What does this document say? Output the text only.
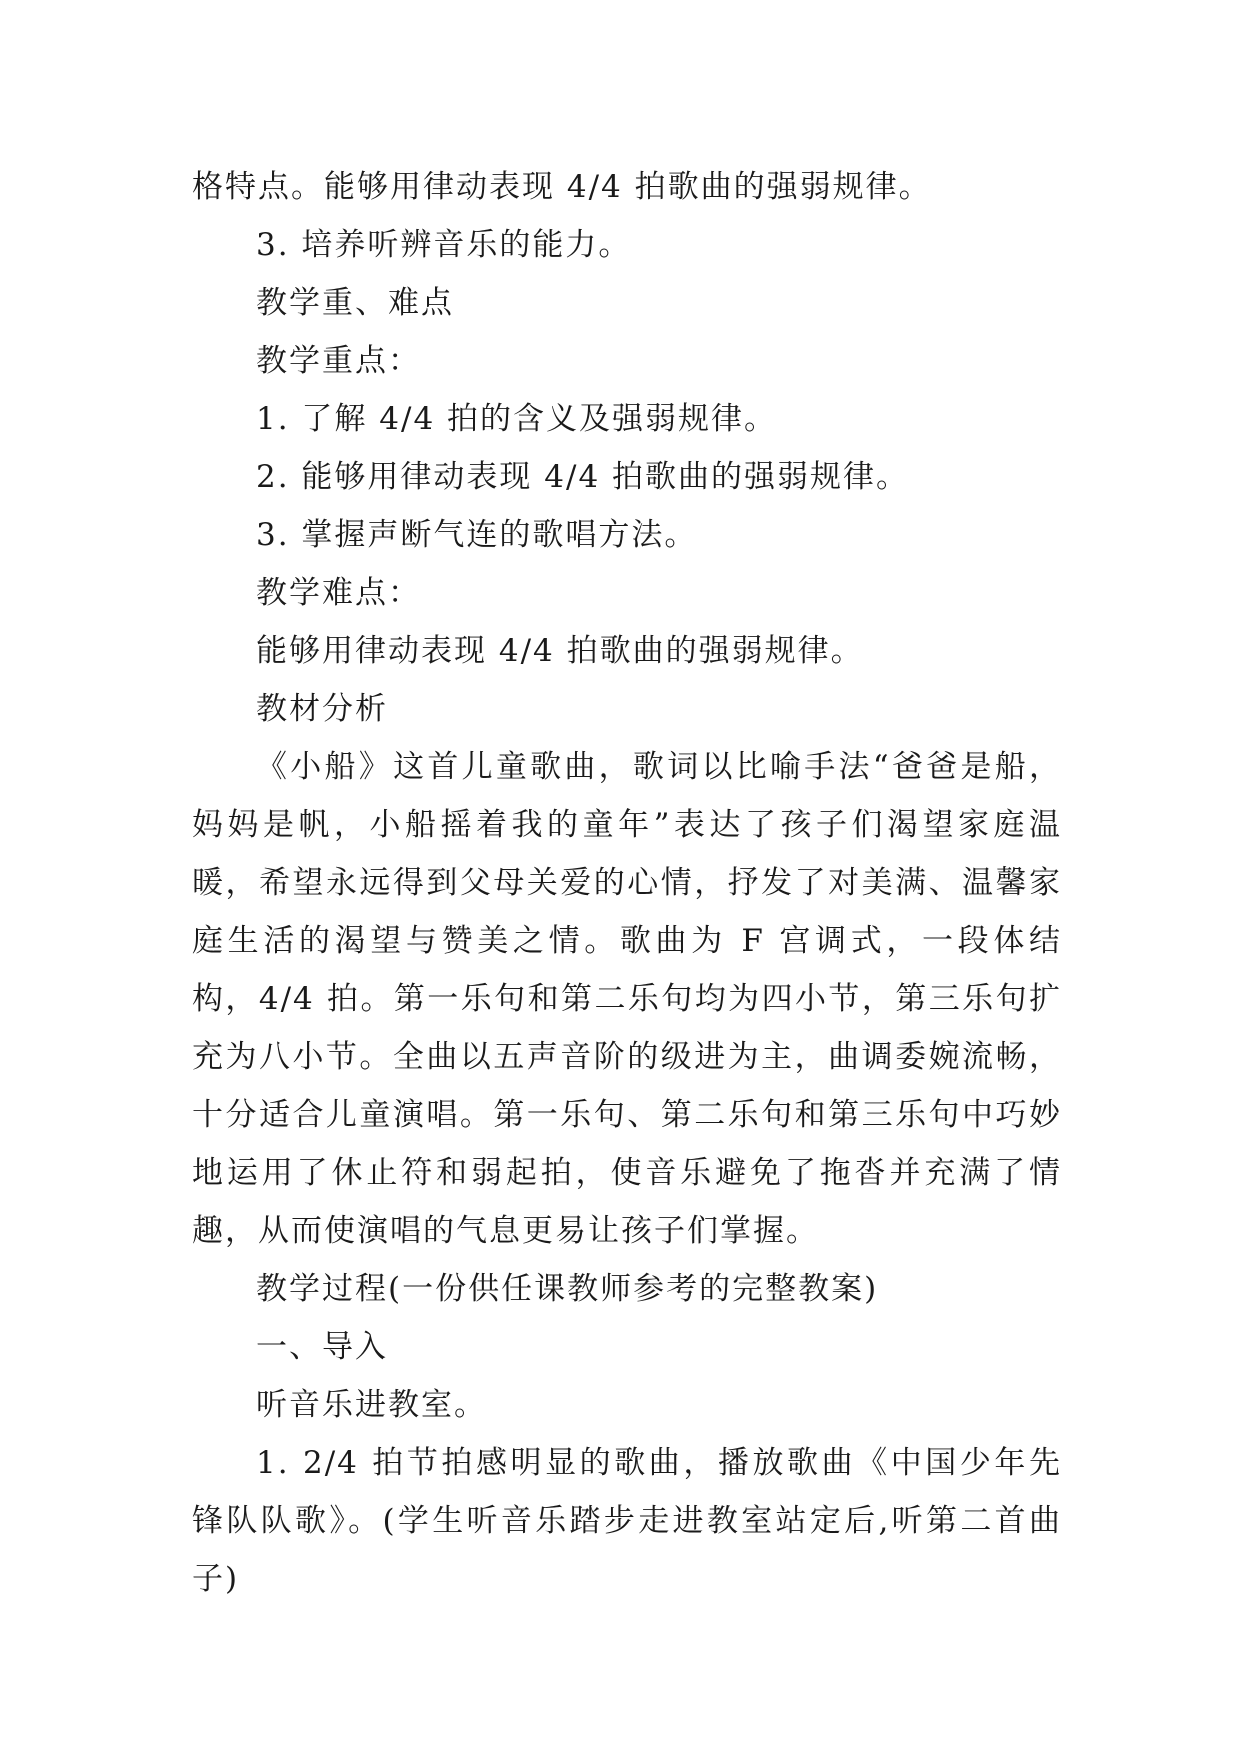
格特点。能够用律动表现 4/4 拍歌曲的强弱规律。
3. 培养听辨音乐的能力。
教学重、难点
教学重点：
1. 了解 4/4 拍的含义及强弱规律。
2. 能够用律动表现 4/4 拍歌曲的强弱规律。
3. 掌握声断气连的歌唱方法。
教学难点：
能够用律动表现 4/4 拍歌曲的强弱规律。
教材分析
《小船》这首儿童歌曲，歌词以比喻手法“爸爸是船，妈妈是帆，小船摇着我的童年”表达了孩子们渴望家庭温暖，希望永远得到父母关爱的心情，抒发了对美满、温馨家庭生活的渴望与赞美之情。歌曲为 F 宫调式，一段体结构，4/4 拍。第一乐句和第二乐句均为四小节，第三乐句扩充为八小节。全曲以五声音阶的级进为主，曲调委婉流畅，十分适合儿童演唱。第一乐句、第二乐句和第三乐句中巧妙地运用了休止符和弱起拍，使音乐避免了拖沓并充满了情趣，从而使演唱的气息更易让孩子们掌握。
教学过程(一份供任课教师参考的完整教案)
一、导入
听音乐进教室。
1. 2/4 拍节拍感明显的歌曲，播放歌曲《中国少年先锋队队歌》。(学生听音乐踏步走进教室站定后,听第二首曲子)
